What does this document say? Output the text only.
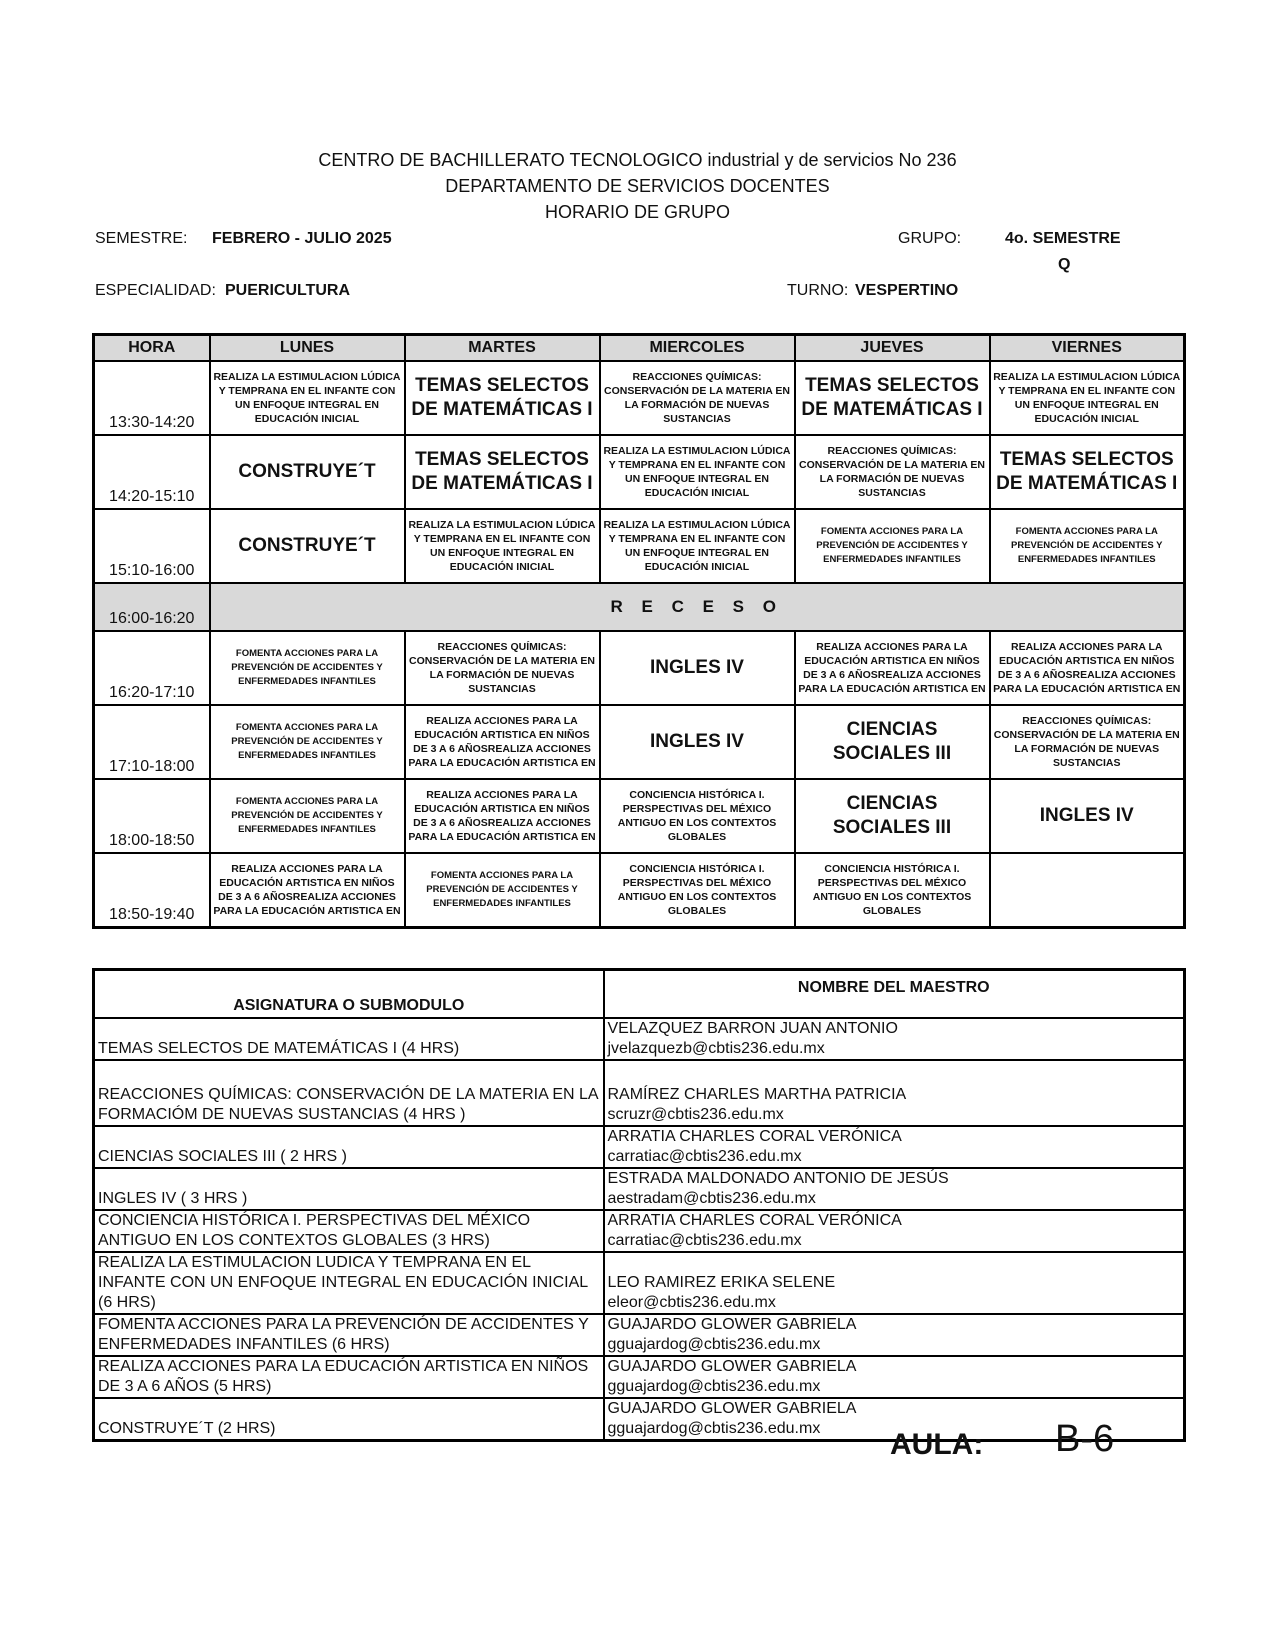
CENTRO DE BACHILLERATO TECNOLOGICO industrial y de servicios No 236
DEPARTAMENTO DE SERVICIOS DOCENTES
HORARIO DE GRUPO
SEMESTRE: FEBRERO - JULIO 2025	GRUPO:	4o. SEMESTRE
Q
ESPECIALIDAD: PUERICULTURA	TURNO: VESPERTINO
HORA	LUNES	MARTES	MIERCOLES	JUEVES	VIERNES
13:30-14:20	REALIZA LA ESTIMULACION LÚDICA Y TEMPRANA EN EL INFANTE CON UN ENFOQUE INTEGRAL EN EDUCACIÓN INICIAL	TEMAS SELECTOS DE MATEMÁTICAS I	REACCIONES QUÍMICAS: CONSERVACIÓN DE LA MATERIA EN LA FORMACIÓN DE NUEVAS SUSTANCIAS	TEMAS SELECTOS DE MATEMÁTICAS I	REALIZA LA ESTIMULACION LÚDICA Y TEMPRANA EN EL INFANTE CON UN ENFOQUE INTEGRAL EN EDUCACIÓN INICIAL

14:20-15:10	CONSTRUYE´T	TEMAS SELECTOS DE MATEMÁTICAS I	REALIZA LA ESTIMULACION LÚDICA Y TEMPRANA EN EL INFANTE CON UN ENFOQUE INTEGRAL EN EDUCACIÓN INICIAL	REACCIONES QUÍMICAS: CONSERVACIÓN DE LA MATERIA EN LA FORMACIÓN DE NUEVAS SUSTANCIAS	TEMAS SELECTOS DE MATEMÁTICAS I

15:10-16:00	CONSTRUYE´T	REALIZA LA ESTIMULACION LÚDICA Y TEMPRANA EN EL INFANTE CON UN ENFOQUE INTEGRAL EN EDUCACIÓN INICIAL	REALIZA LA ESTIMULACION LÚDICA Y TEMPRANA EN EL INFANTE CON UN ENFOQUE INTEGRAL EN EDUCACIÓN INICIAL	FOMENTA ACCIONES PARA LA PREVENCIÓN DE ACCIDENTES Y ENFERMEDADES INFANTILES	FOMENTA ACCIONES PARA LA PREVENCIÓN DE ACCIDENTES Y ENFERMEDADES INFANTILES

16:00-16:20	R E C E S O				
16:20-17:10	FOMENTA ACCIONES PARA LA PREVENCIÓN DE ACCIDENTES Y ENFERMEDADES INFANTILES	REACCIONES QUÍMICAS: CONSERVACIÓN DE LA MATERIA EN LA FORMACIÓN DE NUEVAS SUSTANCIAS	INGLES IV	REALIZA ACCIONES PARA LA EDUCACIÓN ARTISTICA EN NIÑOS DE 3 A 6 AÑOSREALIZA ACCIONES PARA LA EDUCACIÓN ARTISTICA EN	REALIZA ACCIONES PARA LA EDUCACIÓN ARTISTICA EN NIÑOS DE 3 A 6 AÑOSREALIZA ACCIONES PARA LA EDUCACIÓN ARTISTICA EN

17:10-18:00	FOMENTA ACCIONES PARA LA PREVENCIÓN DE ACCIDENTES Y ENFERMEDADES INFANTILES	REALIZA ACCIONES PARA LA EDUCACIÓN ARTISTICA EN NIÑOS DE 3 A 6 AÑOSREALIZA ACCIONES PARA LA EDUCACIÓN ARTISTICA EN	INGLES IV	CIENCIAS SOCIALES III	REACCIONES QUÍMICAS: CONSERVACIÓN DE LA MATERIA EN LA FORMACIÓN DE NUEVAS SUSTANCIAS

18:00-18:50	FOMENTA ACCIONES PARA LA PREVENCIÓN DE ACCIDENTES Y ENFERMEDADES INFANTILES	REALIZA ACCIONES PARA LA EDUCACIÓN ARTISTICA EN NIÑOS DE 3 A 6 AÑOSREALIZA ACCIONES PARA LA EDUCACIÓN ARTISTICA EN	CONCIENCIA HISTÓRICA I. PERSPECTIVAS DEL MÉXICO ANTIGUO EN LOS CONTEXTOS GLOBALES	CIENCIAS SOCIALES III	INGLES IV

18:50-19:40	REALIZA ACCIONES PARA LA EDUCACIÓN ARTISTICA EN NIÑOS DE 3 A 6 AÑOSREALIZA ACCIONES PARA LA EDUCACIÓN ARTISTICA EN	FOMENTA ACCIONES PARA LA PREVENCIÓN DE ACCIDENTES Y ENFERMEDADES INFANTILES	CONCIENCIA HISTÓRICA I. PERSPECTIVAS DEL MÉXICO ANTIGUO EN LOS CONTEXTOS GLOBALES	CONCIENCIA HISTÓRICA I. PERSPECTIVAS DEL MÉXICO ANTIGUO EN LOS CONTEXTOS GLOBALES	

ASIGNATURA O SUBMODULO	NOMBRE DEL MAESTRO
TEMAS SELECTOS DE MATEMÁTICAS I (4 HRS)	VELAZQUEZ BARRON JUAN ANTONIO
jvelazquezb@cbtis236.edu.mx

REACCIONES QUÍMICAS: CONSERVACIÓN DE LA MATERIA EN LA FORMACIÓM DE NUEVAS SUSTANCIAS (4 HRS )	RAMÍREZ CHARLES MARTHA PATRICIA
scruzr@cbtis236.edu.mx

CIENCIAS SOCIALES III ( 2 HRS )	ARRATIA CHARLES CORAL VERÓNICA
carratiac@cbtis236.edu.mx

INGLES IV ( 3 HRS )	ESTRADA MALDONADO ANTONIO DE JESÚS
aestradam@cbtis236.edu.mx

CONCIENCIA HISTÓRICA I. PERSPECTIVAS DEL MÉXICO ANTIGUO EN LOS CONTEXTOS GLOBALES (3 HRS)	ARRATIA CHARLES CORAL VERÓNICA
carratiac@cbtis236.edu.mx

REALIZA LA ESTIMULACION LUDICA Y TEMPRANA EN EL INFANTE CON UN ENFOQUE INTEGRAL EN EDUCACIÓN INICIAL (6 HRS)	LEO RAMIREZ ERIKA SELENE
eleor@cbtis236.edu.mx

FOMENTA ACCIONES PARA LA PREVENCIÓN DE ACCIDENTES Y ENFERMEDADES INFANTILES (6 HRS)	GUAJARDO GLOWER GABRIELA
gguajardog@cbtis236.edu.mx

REALIZA ACCIONES PARA LA EDUCACIÓN ARTISTICA EN NIÑOS DE 3 A 6 AÑOS (5 HRS)	GUAJARDO GLOWER GABRIELA
gguajardog@cbtis236.edu.mx

CONSTRUYE´T (2 HRS)	GUAJARDO GLOWER GABRIELA
gguajardog@cbtis236.edu.mx	AULA: B-6
